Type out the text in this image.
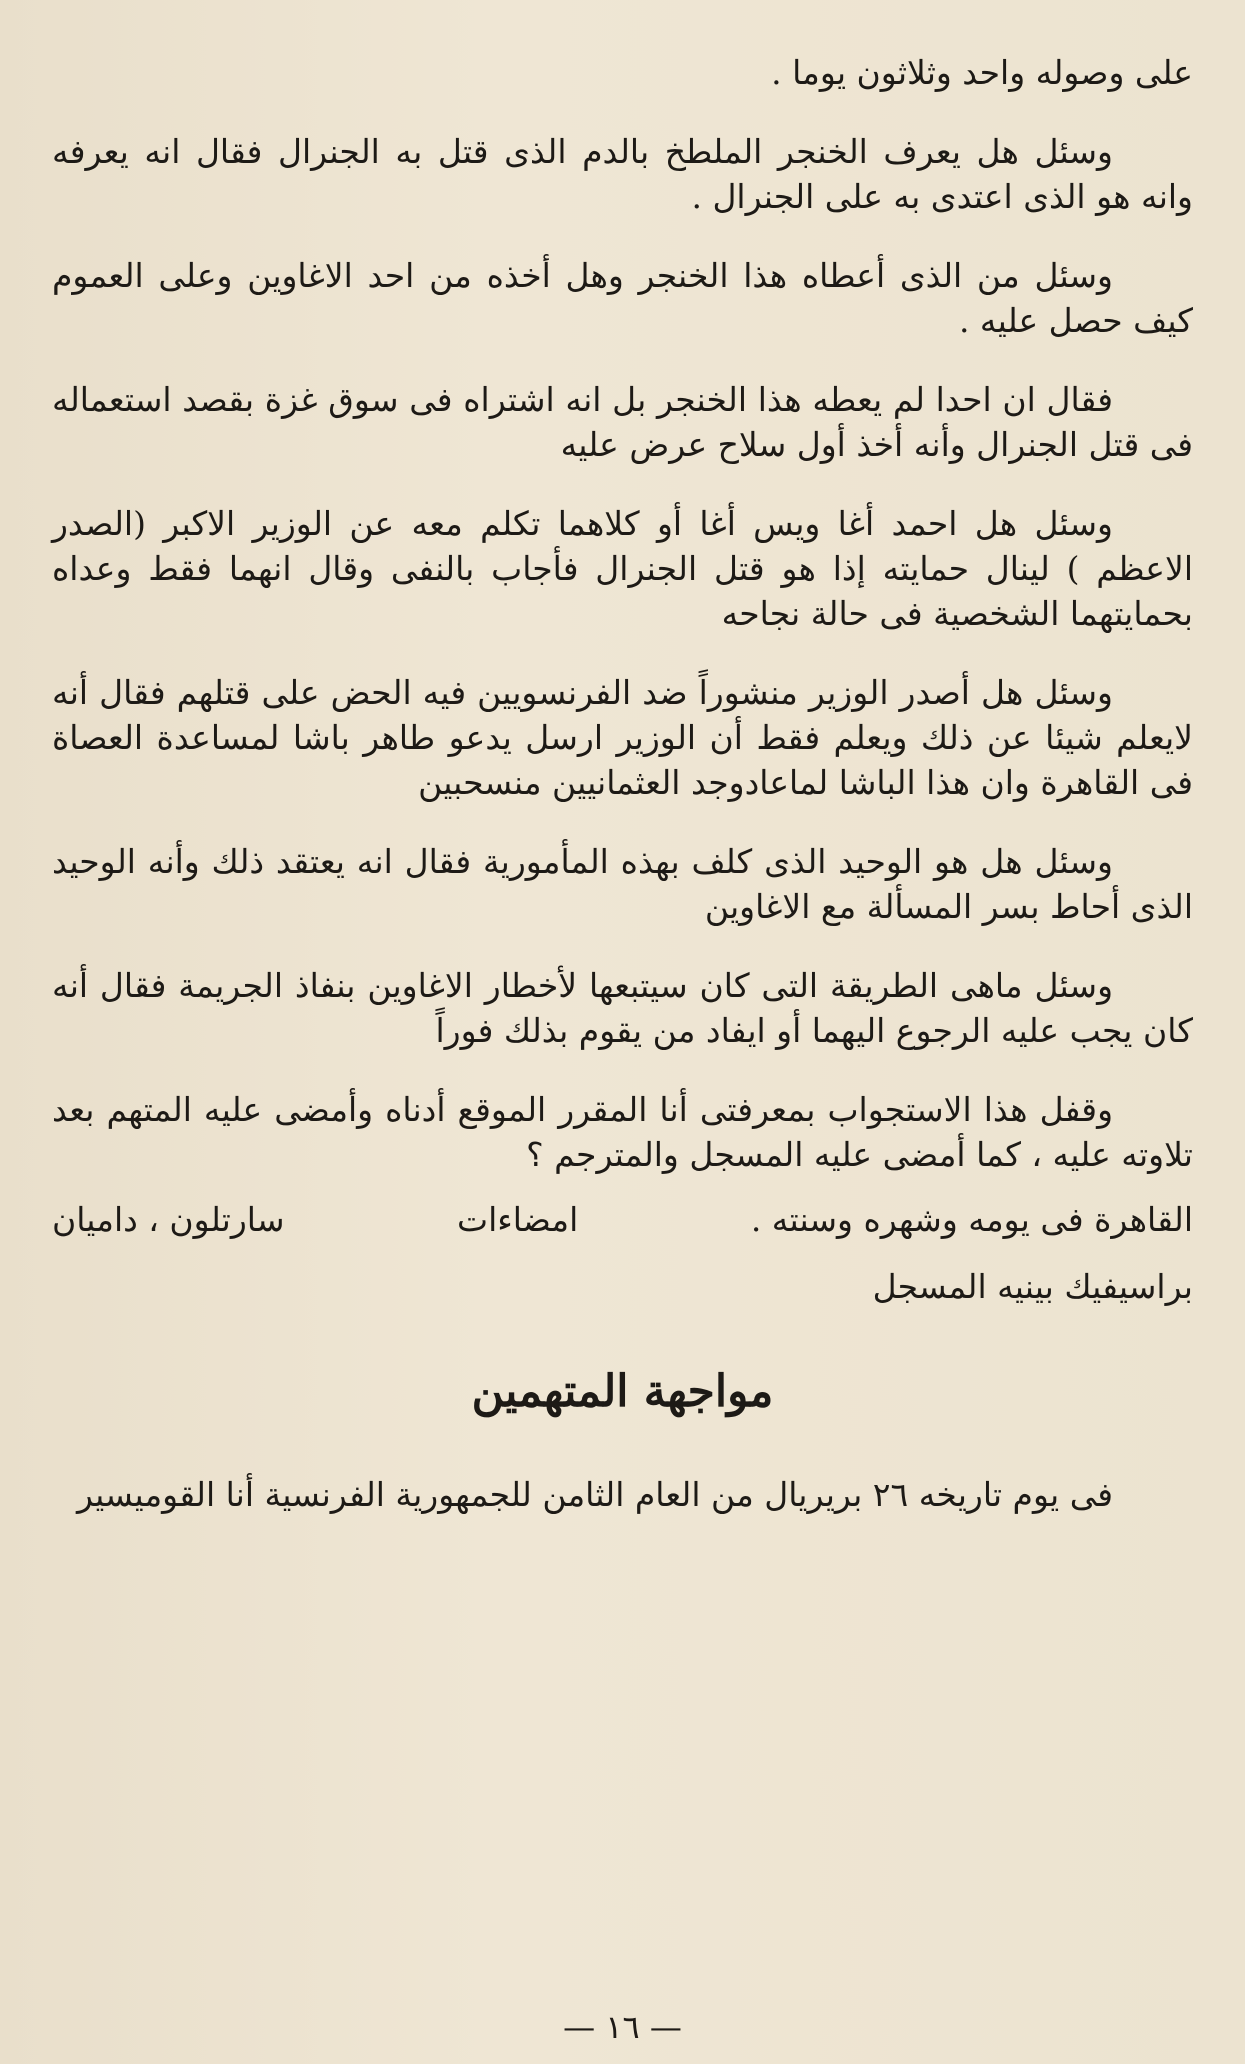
على وصوله واحد وثلاثون يوما .

وسئل هل يعرف الخنجر الملطخ بالدم الذى قتل به الجنرال فقال انه يعرفه وانه هو الذى اعتدى به على الجنرال .

وسئل من الذى أعطاه هذا الخنجر وهل أخذه من احد الاغاوين وعلى العموم كيف حصل عليه .

فقال ان احدا لم يعطه هذا الخنجر بل انه اشتراه فى سوق غزة بقصد استعماله فى قتل الجنرال وأنه أخذ أول سلاح عرض عليه

وسئل هل احمد أغا ويس أغا أو كلاهما تكلم معه عن الوزير الاكبر (الصدر الاعظم ) لينال حمايته إذا هو قتل الجنرال فأجاب بالنفى وقال انهما فقط وعداه بحمايتهما الشخصية فى حالة نجاحه

وسئل هل أصدر الوزير منشوراً ضد الفرنسويين فيه الحض على قتلهم فقال أنه لايعلم شيئا عن ذلك ويعلم فقط أن الوزير ارسل يدعو طاهر باشا لمساعدة العصاة فى القاهرة وان هذا الباشا لماعادوجد العثمانيين منسحبين

وسئل هل هو الوحيد الذى كلف بهذه المأمورية فقال انه يعتقد ذلك وأنه الوحيد الذى أحاط بسر المسألة مع الاغاوين

وسئل ماهى الطريقة التى كان سيتبعها لأخطار الاغاوين بنفاذ الجريمة فقال أنه كان يجب عليه الرجوع اليهما أو ايفاد من يقوم بذلك فوراً

وقفل هذا الاستجواب بمعرفتى أنا المقرر الموقع أدناه وأمضى عليه المتهم بعد تلاوته عليه ، كما أمضى عليه المسجل والمترجم ؟

القاهرة فى يومه وشهره وسنته .
امضاءات
سارتلون ، داميان

براسيفيك بينيه المسجل

مواجهة المتهمين

فى يوم تاريخه ٢٦ بريريال من العام الثامن للجمهورية الفرنسية أنا القوميسير

— ١٦ —
